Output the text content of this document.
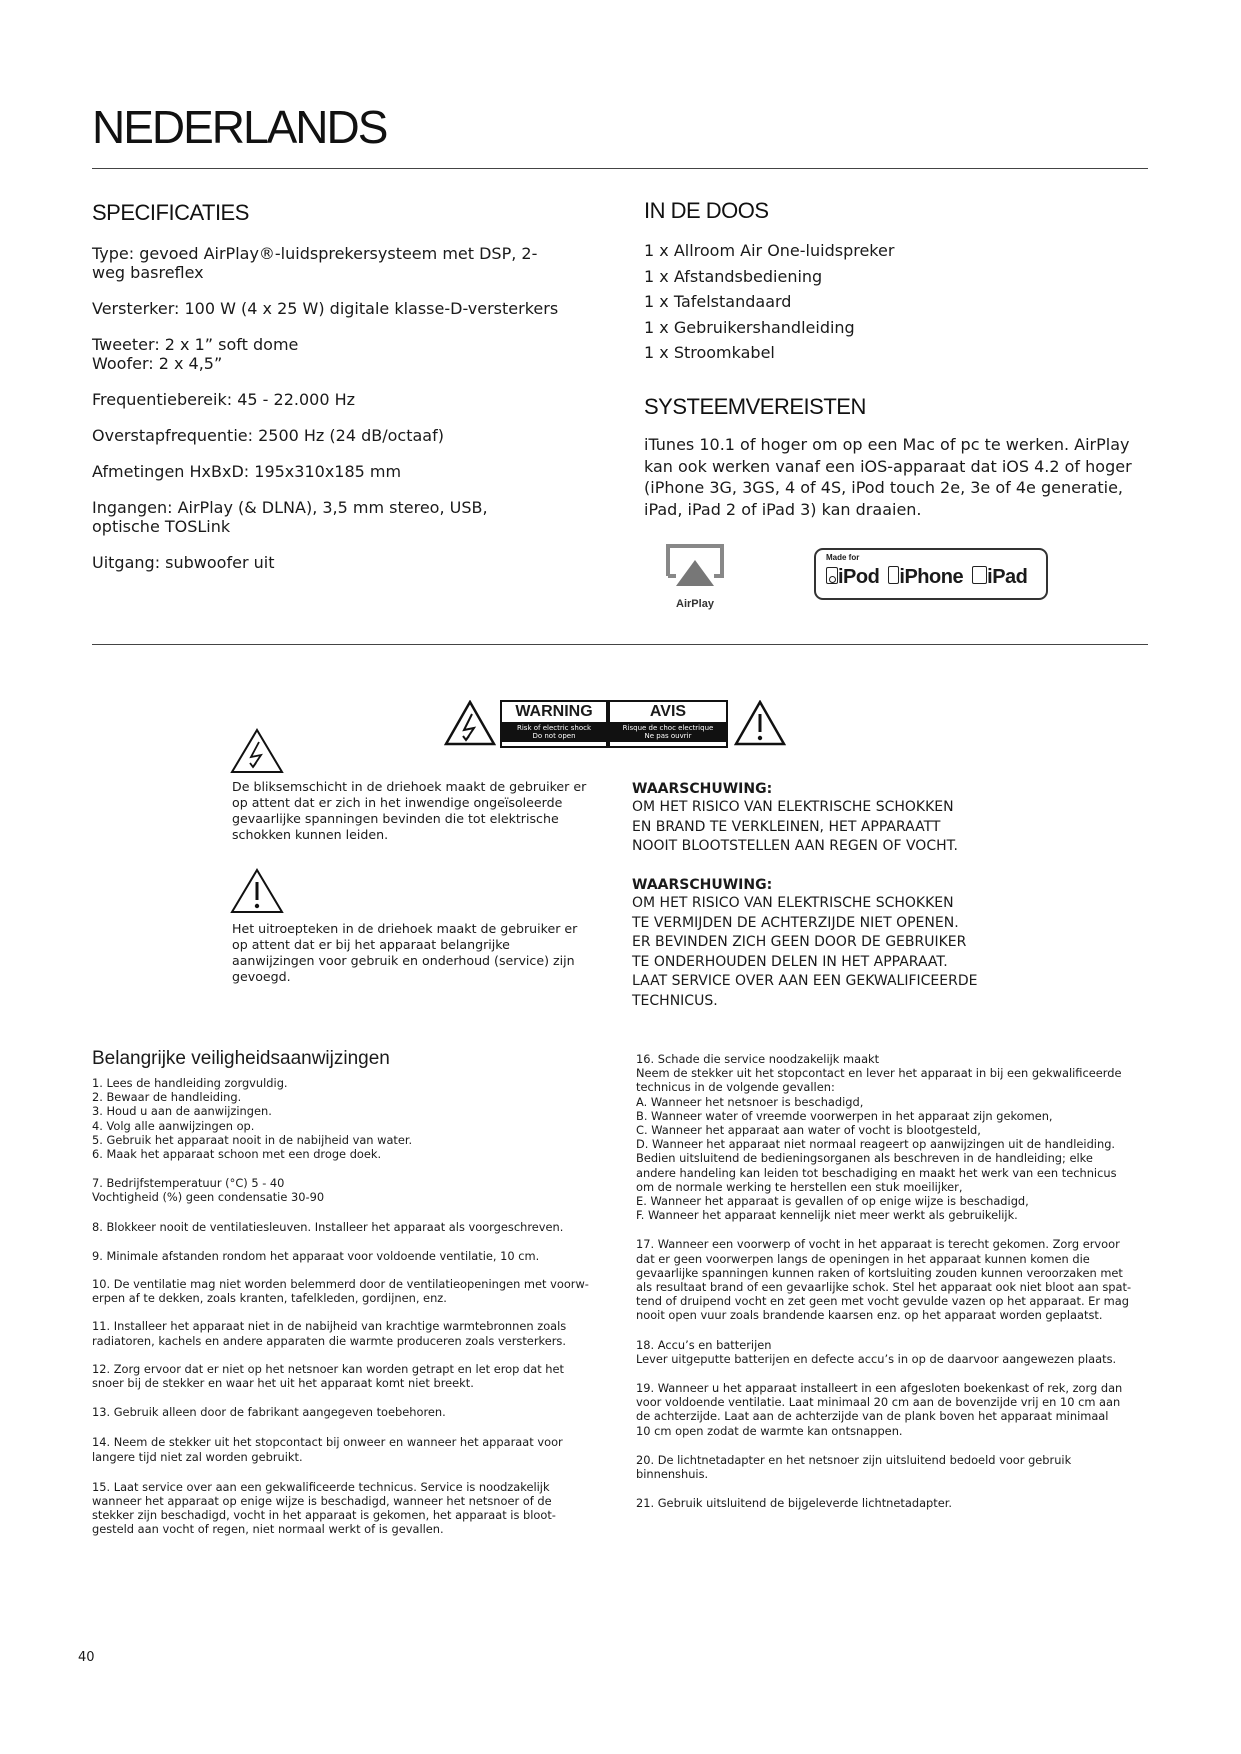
NEDERLANDS
SPECIFICATIES

Type: gevoed AirPlay®-luidsprekersysteem met DSP, 2-weg basreflex

Versterker: 100 W (4 x 25 W) digitale klasse-D-versterkers

Tweeter: 2 x 1” soft dome

Woofer: 2 x 4,5”

Frequentiebereik: 45 - 22.000 Hz

Overstapfrequentie: 2500 Hz (24 dB/octaaf)

Afmetingen HxBxD: 195x310x185 mm

Ingangen: AirPlay (& DLNA), 3,5 mm stereo, USB, optische TOSLink

Uitgang: subwoofer uit

IN DE DOOS

1 x Allroom Air One-luidspreker

1 x Afstandsbediening

1 x Tafelstandaard

1 x Gebruikershandleiding

1 x Stroomkabel

SYSTEEMVEREISTEN
iTunes 10.1 of hoger om op een Mac of pc te werken. AirPlay kan ook werken vanaf een iOS-apparaat dat iOS 4.2 of hoger (iPhone 3G, 3GS, 4 of 4S, iPod touch 2e, 3e of 4e generatie, iPad, iPad 2 of iPad 3) kan draaien.
AirPlay
Made for
iPod iPhone iPad
WARNING
Risk of electric shock
Do not open
AVIS
Risque de choc electrique
Ne pas ouvrir
De bliksemschicht in de driehoek maakt de gebruiker er op attent dat er zich in het inwendige ongeïsoleerde gevaarlijke spanningen bevinden die tot elektrische schokken kunnen leiden.
Het uitroepteken in de driehoek maakt de gebruiker er op attent dat er bij het apparaat belangrijke aanwijzingen voor gebruik en onderhoud (service) zijn gevoegd.
WAARSCHUWING:
OM HET RISICO VAN ELEKTRISCHE SCHOKKEN
EN BRAND TE VERKLEINEN, HET APPARAATT
NOOIT BLOOTSTELLEN AAN REGEN OF VOCHT.
WAARSCHUWING:
OM HET RISICO VAN ELEKTRISCHE SCHOKKEN
TE VERMIJDEN DE ACHTERZIJDE NIET OPENEN.
ER BEVINDEN ZICH GEEN DOOR DE GEBRUIKER
TE ONDERHOUDEN DELEN IN HET APPARAAT.
LAAT SERVICE OVER AAN EEN GEKWALIFICEERDE
TECHNICUS.
Belangrijke veiligheidsaanwijzingen

1. Lees de handleiding zorgvuldig.
2. Bewaar de handleiding.
3. Houd u aan de aanwijzingen.
4. Volg alle aanwijzingen op.
5. Gebruik het apparaat nooit in de nabijheid van water.
6. Maak het apparaat schoon met een droge doek.

7. Bedrijfstemperatuur (°C) 5 - 40
Vochtigheid (%) geen condensatie 30-90

8. Blokkeer nooit de ventilatiesleuven. Installeer het apparaat als voorgeschreven.

9. Minimale afstanden rondom het apparaat voor voldoende ventilatie, 10 cm.

10. De ventilatie mag niet worden belemmerd door de ventilatieopeningen met voorw-
erpen af te dekken, zoals kranten, tafelkleden, gordijnen, enz.

11. Installeer het apparaat niet in de nabijheid van krachtige warmtebronnen zoals
radiatoren, kachels en andere apparaten die warmte produceren zoals versterkers.

12. Zorg ervoor dat er niet op het netsnoer kan worden getrapt en let erop dat het
snoer bij de stekker en waar het uit het apparaat komt niet breekt.

13. Gebruik alleen door de fabrikant aangegeven toebehoren.

14. Neem de stekker uit het stopcontact bij onweer en wanneer het apparaat voor
langere tijd niet zal worden gebruikt.

15. Laat service over aan een gekwalificeerde technicus. Service is noodzakelijk
wanneer het apparaat op enige wijze is beschadigd, wanneer het netsnoer of de
stekker zijn beschadigd, vocht in het apparaat is gekomen, het apparaat is bloot-
gesteld aan vocht of regen, niet normaal werkt of is gevallen.

16. Schade die service noodzakelijk maakt
Neem de stekker uit het stopcontact en lever het apparaat in bij een gekwalificeerde
technicus in de volgende gevallen:
A. Wanneer het netsnoer is beschadigd,
B. Wanneer water of vreemde voorwerpen in het apparaat zijn gekomen,
C. Wanneer het apparaat aan water of vocht is blootgesteld,
D. Wanneer het apparaat niet normaal reageert op aanwijzingen uit de handleiding.
Bedien uitsluitend de bedieningsorganen als beschreven in de handleiding; elke
andere handeling kan leiden tot beschadiging en maakt het werk van een technicus
om de normale werking te herstellen een stuk moeilijker,
E. Wanneer het apparaat is gevallen of op enige wijze is beschadigd,
F. Wanneer het apparaat kennelijk niet meer werkt als gebruikelijk.

17. Wanneer een voorwerp of vocht in het apparaat is terecht gekomen. Zorg ervoor
dat er geen voorwerpen langs de openingen in het apparaat kunnen komen die
gevaarlijke spanningen kunnen raken of kortsluiting zouden kunnen veroorzaken met
als resultaat brand of een gevaarlijke schok. Stel het apparaat ook niet bloot aan spat-
tend of druipend vocht en zet geen met vocht gevulde vazen op het apparaat. Er mag
nooit open vuur zoals brandende kaarsen enz. op het apparaat worden geplaatst.

18. Accu’s en batterijen
Lever uitgeputte batterijen en defecte accu’s in op de daarvoor aangewezen plaats.

19. Wanneer u het apparaat installeert in een afgesloten boekenkast of rek, zorg dan
voor voldoende ventilatie. Laat minimaal 20 cm aan de bovenzijde vrij en 10 cm aan
de achterzijde. Laat aan de achterzijde van de plank boven het apparaat minimaal
10 cm open zodat de warmte kan ontsnappen.

20. De lichtnetadapter en het netsnoer zijn uitsluitend bedoeld voor gebruik
binnenshuis.

21. Gebruik uitsluitend de bijgeleverde lichtnetadapter.

40
